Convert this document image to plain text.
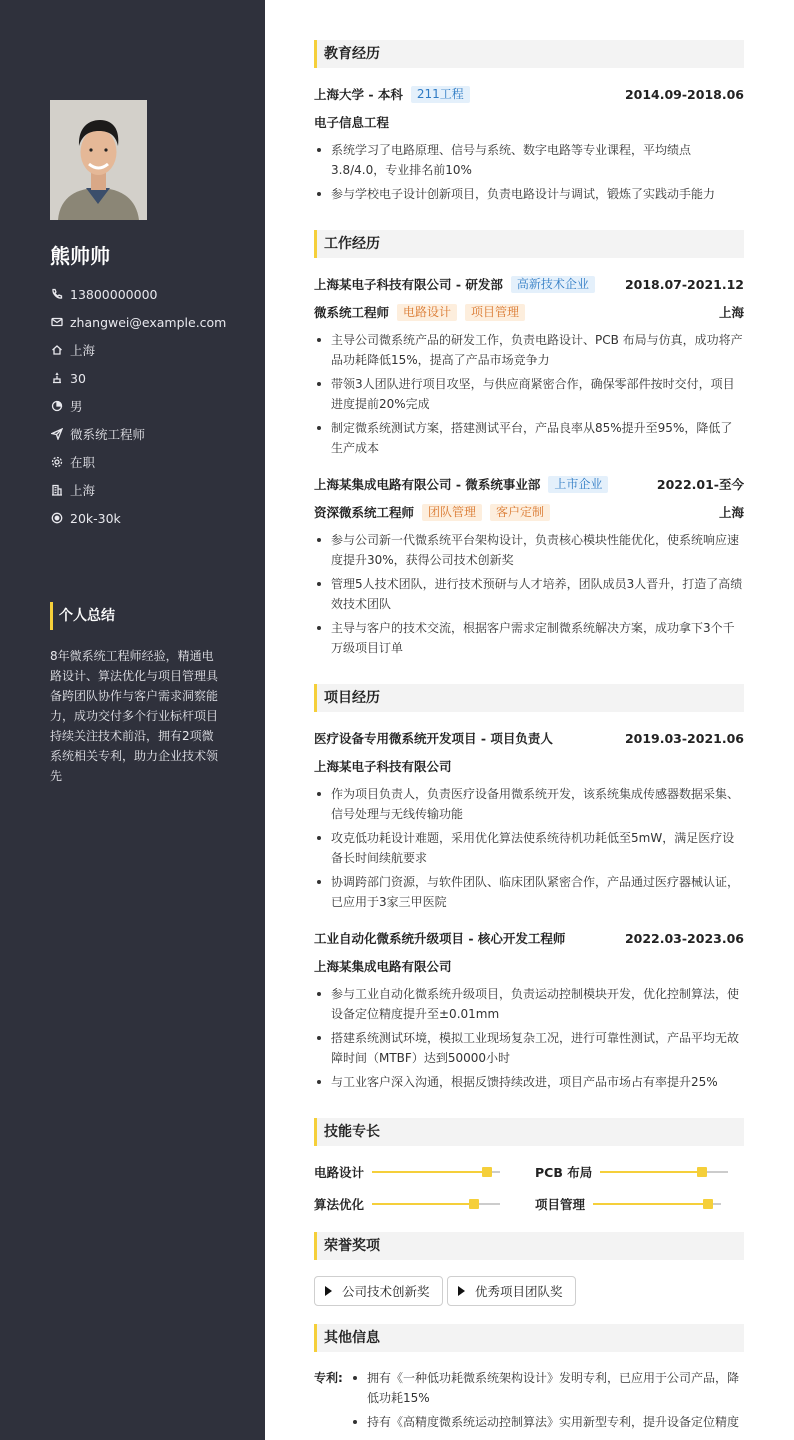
熊帅帅
13800000000
zhangwei@example.com
上海
30
男
微系统工程师
在职
上海
20k-30k
个人总结
8年微系统工程师经验，精通电路设计、算法优化与项目管理具备跨团队协作与客户需求洞察能力，成功交付多个行业标杆项目 持续关注技术前沿，拥有2项微系统相关专利，助力企业技术领先
教育经历
上海大学 - 本科	211工程	2014.09-2018.06
电子信息工程
系统学习了电路原理、信号与系统、数字电路等专业课程，平均绩点3.8/4.0，专业排名前10%
参与学校电子设计创新项目，负责电路设计与调试，锻炼了实践动手能力
工作经历
上海某电子科技有限公司 - 研发部	高新技术企业	2018.07-2021.12
微系统工程师	电路设计	项目管理	上海
主导公司微系统产品的研发工作，负责电路设计、PCB 布局与仿真，成功将产品功耗降低15%，提高了产品市场竞争力
带领3人团队进行项目攻坚，与供应商紧密合作，确保零部件按时交付，项目进度提前20%完成
制定微系统测试方案，搭建测试平台，产品良率从85%提升至95%，降低了生产成本
上海某集成电路有限公司 - 微系统事业部	上市企业	2022.01-至今
资深微系统工程师	团队管理	客户定制	上海
参与公司新一代微系统平台架构设计，负责核心模块性能优化，使系统响应速度提升30%，获得公司技术创新奖
管理5人技术团队，进行技术预研与人才培养，团队成员3人晋升，打造了高绩效技术团队
主导与客户的技术交流，根据客户需求定制微系统解决方案，成功拿下3个千万级项目订单
项目经历
医疗设备专用微系统开发项目 - 项目负责人	2019.03-2021.06
上海某电子科技有限公司
作为项目负责人，负责医疗设备用微系统开发，该系统集成传感器数据采集、信号处理与无线传输功能
攻克低功耗设计难题，采用优化算法使系统待机功耗低至5mW，满足医疗设备长时间续航要求
协调跨部门资源，与软件团队、临床团队紧密合作，产品通过医疗器械认证，已应用于3家三甲医院
工业自动化微系统升级项目 - 核心开发工程师	2022.03-2023.06
上海某集成电路有限公司
参与工业自动化微系统升级项目，负责运动控制模块开发，优化控制算法，使设备定位精度提升至±0.01mm
搭建系统测试环境，模拟工业现场复杂工况，进行可靠性测试，产品平均无故障时间（MTBF）达到50000小时
与工业客户深入沟通，根据反馈持续改进，项目产品市场占有率提升25%
技能专长
电路设计	PCB 布局
算法优化	项目管理
荣誉奖项
公司技术创新奖	优秀项目团队奖
其他信息
专利:	拥有《一种低功耗微系统架构设计》发明专利，已应用于公司产品，降低功耗15%
持有《高精度微系统运动控制算法》实用新型专利，提升设备定位精度
